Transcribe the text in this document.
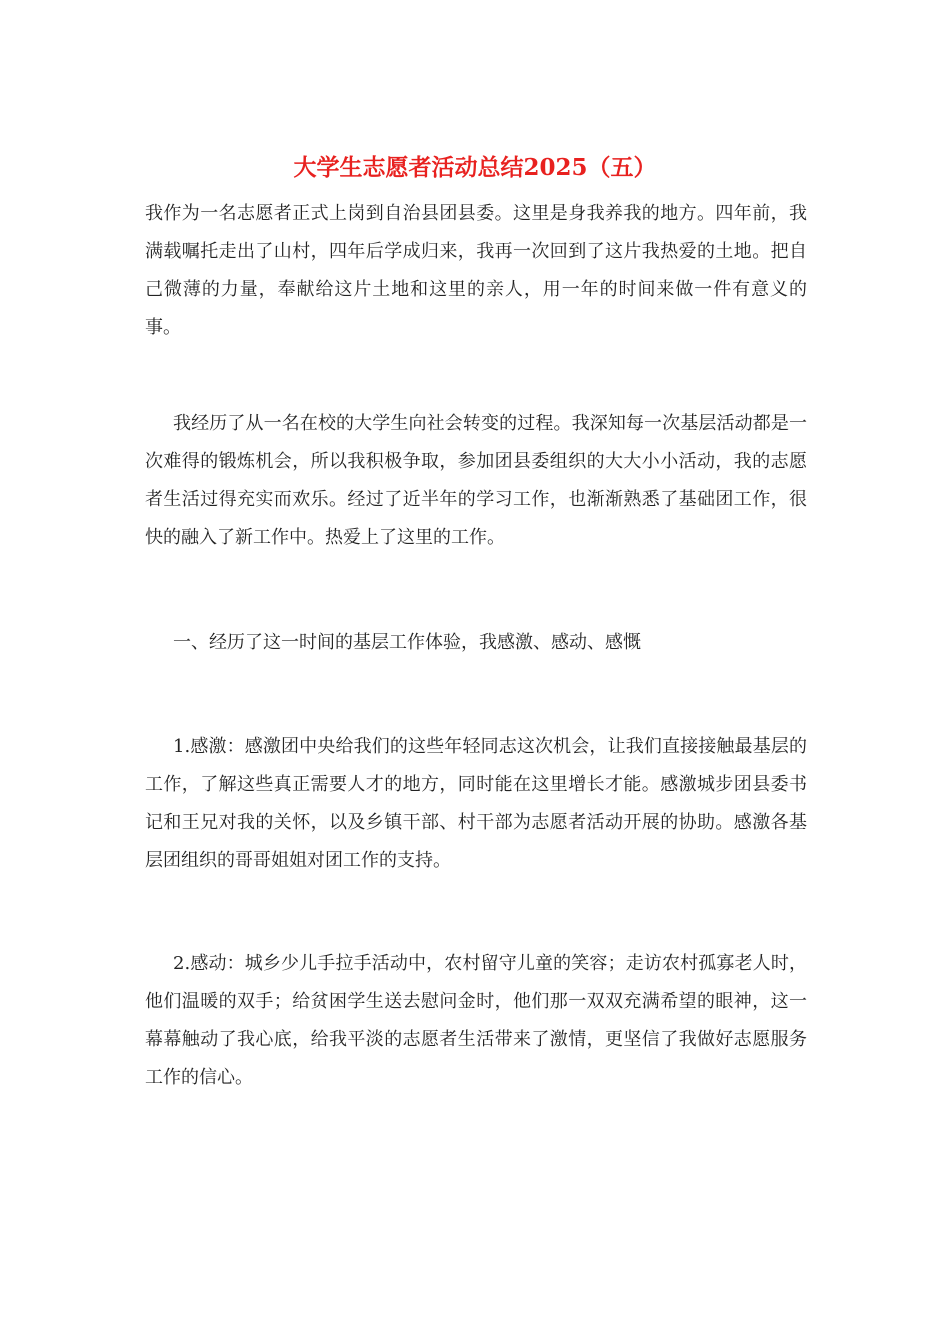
大学生志愿者活动总结2025（五）

我作为一名志愿者正式上岗到自治县团县委。这里是身我养我的地方。四年前，我满载嘱托走出了山村，四年后学成归来，我再一次回到了这片我热爱的土地。把自己微薄的力量，奉献给这片土地和这里的亲人，用一年的时间来做一件有意义的事。

我经历了从一名在校的大学生向社会转变的过程。我深知每一次基层活动都是一次难得的锻炼机会，所以我积极争取，参加团县委组织的大大小小活动，我的志愿者生活过得充实而欢乐。经过了近半年的学习工作，也渐渐熟悉了基础团工作，很快的融入了新工作中。热爱上了这里的工作。

一、经历了这一时间的基层工作体验，我感激、感动、感慨

1.感激：感激团中央给我们的这些年轻同志这次机会，让我们直接接触最基层的工作，了解这些真正需要人才的地方，同时能在这里增长才能。感激城步团县委书记和王兄对我的关怀，以及乡镇干部、村干部为志愿者活动开展的协助。感激各基层团组织的哥哥姐姐对团工作的支持。

2.感动：城乡少儿手拉手活动中，农村留守儿童的笑容；走访农村孤寡老人时，他们温暖的双手；给贫困学生送去慰问金时，他们那一双双充满希望的眼神，这一幕幕触动了我心底，给我平淡的志愿者生活带来了激情，更坚信了我做好志愿服务工作的信心。
